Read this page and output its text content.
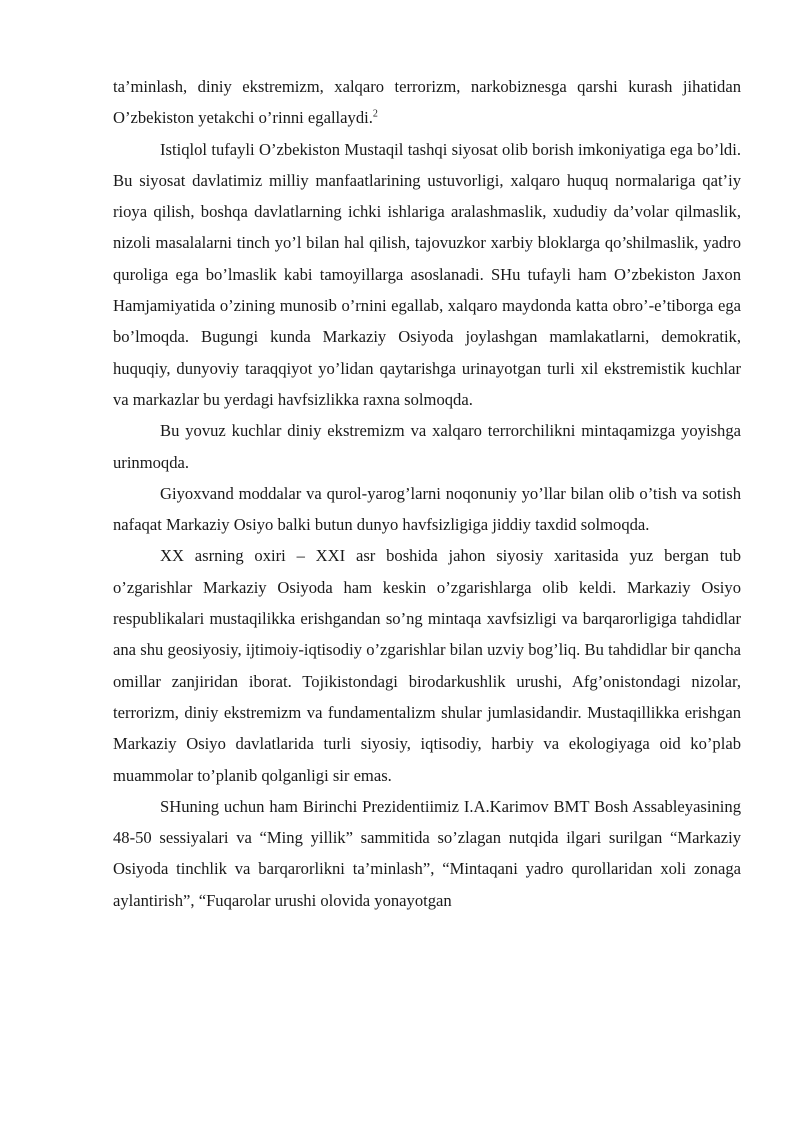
ta’minlash, diniy ekstremizm, xalqaro terrorizm, narkobiznesga qarshi kurash jihatidan O’zbekiston yetakchi o’rinni egallaydi.$^2$

Istiqlol tufayli O’zbekiston Mustaqil tashqi siyosat olib borish imkoniyatiga ega bo’ldi. Bu siyosat davlatimiz milliy manfaatlarining ustuvorligi, xalqaro huquq normalariga qat’iy rioya qilish, boshqa davlatlarning ichki ishlariga aralashmaslik, xududiy da’volar qilmaslik, nizoli masalalarni tinch yo’l bilan hal qilish, tajovuzkor xarbiy bloklarga qo’shilmaslik, yadro quroliga ega bo’lmaslik kabi tamoyillarga asoslanadi. SHu tufayli ham O’zbekiston Jaxon Hamjamiyatida o’zining munosib o’rnini egallab, xalqaro maydonda katta obro’-e’tiborga ega bo’lmoqda. Bugungi kunda Markaziy Osiyoda joylashgan mamlakatlarni, demokratik, huquqiy, dunyoviy taraqqiyot yo’lidan qaytarishga urinayotgan turli xil ekstremistik kuchlar va markazlar bu yerdagi havfsizlikka raxna solmoqda.

Bu yovuz kuchlar diniy ekstremizm va xalqaro terrorchilikni mintaqamizga yoyishga urinmoqda.

Giyoxvand moddalar va qurol-yarog’larni noqonuniy yo’llar bilan olib o’tish va sotish nafaqat Markaziy Osiyo balki butun dunyo havfsizligiga jiddiy taxdid solmoqda.

XX asrning oxiri – XXI asr boshida jahon siyosiy xaritasida yuz bergan tub o’zgarishlar Markaziy Osiyoda ham keskin o’zgarishlarga olib keldi. Markaziy Osiyo respublikalari mustaqilikka erishgandan so’ng mintaqa xavfsizligi va barqarorligiga tahdidlar ana shu geosiyosiy, ijtimoiy-iqtisodiy o’zgarishlar bilan uzviy bog’liq. Bu tahdidlar bir qancha omillar zanjiridan iborat. Tojikistondagi birodarkushlik urushi, Afg’onistondagi nizolar, terrorizm, diniy ekstremizm va fundamentalizm shular jumlasidandir. Mustaqillikka erishgan Markaziy Osiyo davlatlarida turli siyosiy, iqtisodiy, harbiy va ekologiyaga oid ko’plab muammolar to’planib qolganligi sir emas.

SHuning uchun ham Birinchi Prezidentiimiz I.A.Karimov BMT Bosh Assableyasining 48-50 sessiyalari va “Ming yillik” sammitida so’zlagan nutqida ilgari surilgan “Markaziy Osiyoda tinchlik va barqarorlikni ta’minlash”, “Mintaqani yadro qurollaridan xoli zonaga aylantirish”, “Fuqarolar urushi olovida yonayotgan
